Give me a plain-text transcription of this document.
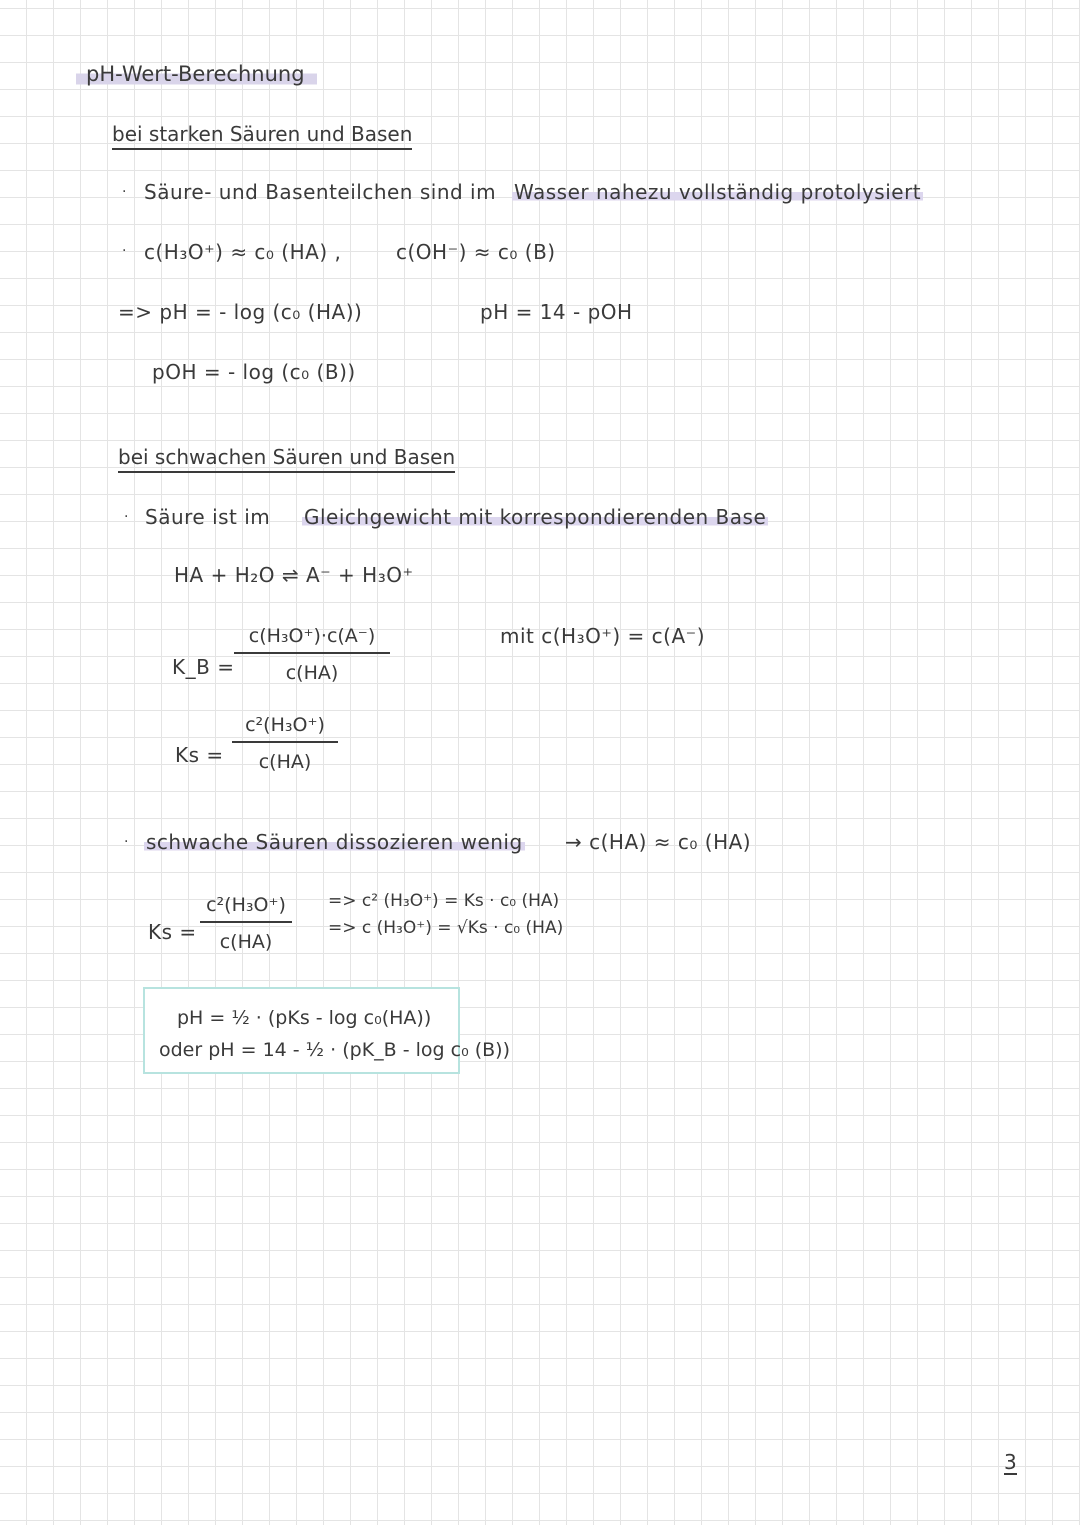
pH-Wert-Berechnung
bei starken Säuren und Basen
· Säure- und Basenteilchen sind im Wasser nahezu vollständig protolysiert
· c(H₃O⁺) ≈ c₀ (HA) ,	c(OH⁻) ≈ c₀ (B)
=> pH = - log (c₀ (HA))	pH = 14 - pOH
pOH = - log (c₀ (B))
bei schwachen Säuren und Basen
· Säure ist im Gleichgewicht mit korrespondierenden Base
HA + H₂O ⇌ A⁻ + H₃O⁺
K_B =
c(H₃O⁺)·c(A⁻)
c(HA)
mit c(H₃O⁺) = c(A⁻)
Ks =
c²(H₃O⁺)
c(HA)
· schwache Säuren dissozieren wenig → c(HA) ≈ c₀ (HA)
Ks =
c²(H₃O⁺)
c(HA)
=> c² (H₃O⁺) = Ks · c₀ (HA)
=> c (H₃O⁺) = √Ks · c₀ (HA)
pH = ½ · (pKs - log c₀(HA))
oder pH = 14 - ½ · (pK_B - log c₀ (B))
3
